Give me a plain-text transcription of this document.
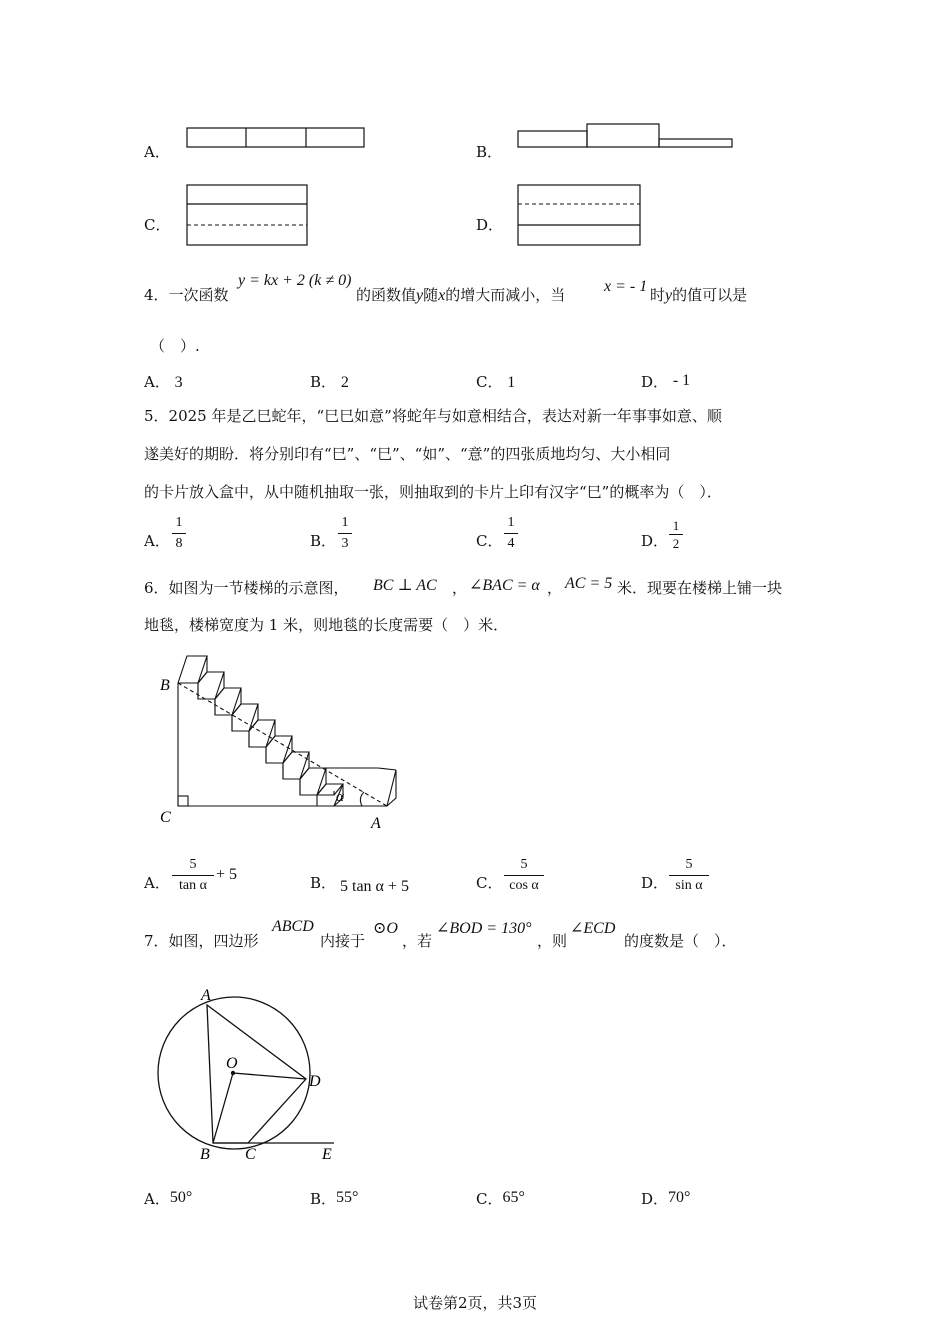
A．	B．
C．	D．
4．一次函数
y = kx + 2 (k ≠ 0)
的函数值y随x的增大而减小，当 x = - 1 时y的值可以是
（　）.
A． 3	B． 2	C． 1	D． - 1
5．2025 年是乙巳蛇年，“巳巳如意”将蛇年与如意相结合，表达对新一年事事如意、顺
遂美好的期盼．将分别印有“巳”、“巳”、“如”、“意”的四张质地均匀、大小相同
的卡片放入盒中，从中随机抽取一张，则抽取到的卡片上印有汉字“巳”的概率为（　）．
A．
1
8	B．
1
3	C．
1
4	D．
1
2
6．如图为一节楼梯的示意图， BC ⊥ AC ， ∠BAC = α ， AC = 5 米．现要在楼梯上铺一块
地毯，楼梯宽度为 1 米，则地毯的长度需要（　）米．
B
C	A
α
A．
5
tan α
+ 5	B． 5 tan α + 5	C．
5
cos α	D．
5
sin α
7．如图，四边形
ABCD
内接于
⊙O
，若
∠BOD = 130°
，则
∠ECD
的度数是（　）．
A
O
D
B C	E
A．50°	B．55°	C．65°	D．70°
试卷第2页，共3页
